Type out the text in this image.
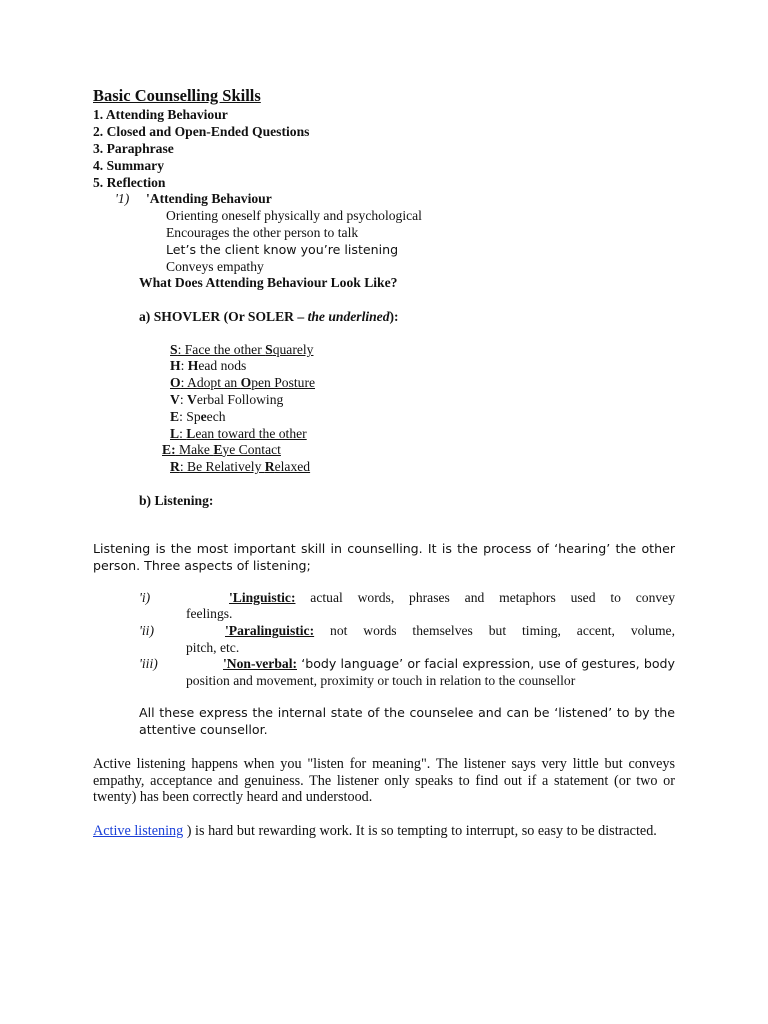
Basic Counselling Skills
1. Attending Behaviour
2. Closed and Open-Ended Questions
3. Paraphrase
4. Summary
5. Reflection
'1) 'Attending Behaviour
Orienting oneself physically and psychological
Encourages the other person to talk
Let’s the client know you’re listening
Conveys empathy
What Does Attending Behaviour Look Like?
a) SHOVLER (Or SOLER – the underlined):
S: Face the other Squarely
H: Head nods
O: Adopt an Open Posture
V: Verbal Following
E: Speech
L: Lean toward the other
E: Make Eye Contact
R: Be Relatively Relaxed
b) Listening:
Listening is the most important skill in counselling. It is the process of ‘hearing’ the other person. Three aspects of listening;
'i)	'Linguistic: actual words, phrases and metaphors used to convey
feelings.
'ii)	'Paralinguistic: not words themselves but timing, accent, volume,
pitch, etc.
'iii)	'Non-verbal: ‘body language’ or facial expression, use of gestures, body
position and movement, proximity or touch in relation to the counsellor
All these express the internal state of the counselee and can be ‘listened’ to by the attentive counsellor.
Active listening happens when you "listen for meaning". The listener says very little but conveys empathy, acceptance and genuiness. The listener only speaks to find out if a statement (or two or twenty) has been correctly heard and understood.
Active listening ) is hard but rewarding work. It is so tempting to interrupt, so easy to be distracted.
